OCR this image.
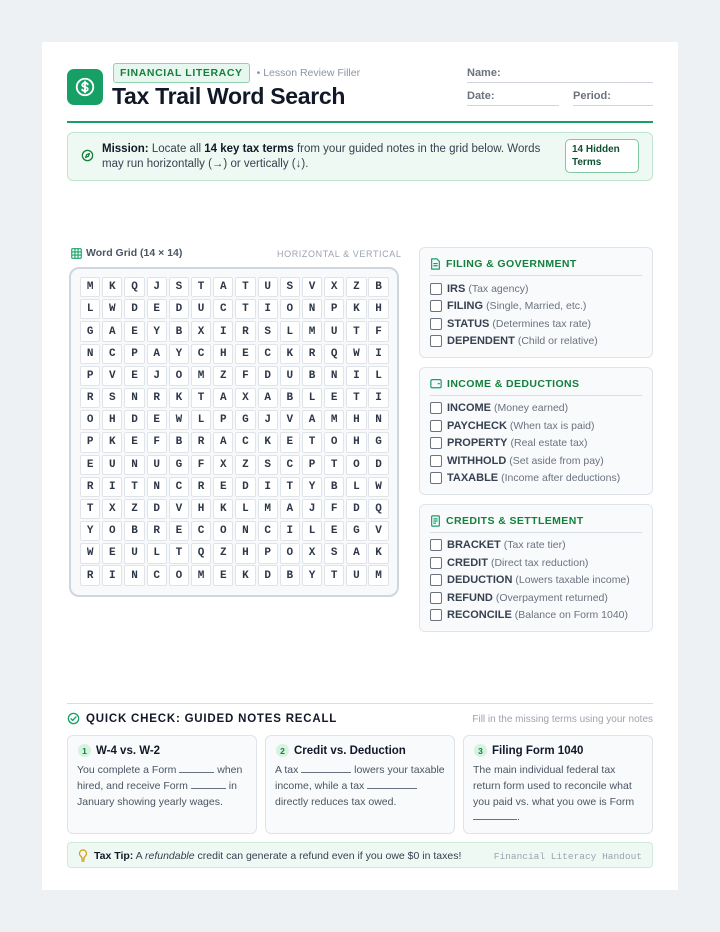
FINANCIAL LITERACY	• Lesson Review Filler
Tax Trail Word Search
Name:
Date:	Period:
Mission: Locate all 14 key tax terms from your guided notes in the grid below. Words may run horizontally (→) or vertically (↓).
14 Hidden
Terms
Word Grid (14 × 14)	HORIZONTAL & VERTICAL
M	K	Q	J	S	T	A	T	U	S	V	X	Z	B
L	W	D	E	D	U	C	T	I	O	N	P	K	H
G	A	E	Y	B	X	I	R	S	L	M	U	T	F
N	C	P	A	Y	C	H	E	C	K	R	Q	W	I
P	V	E	J	O	M	Z	F	D	U	B	N	I	L
R	S	N	R	K	T	A	X	A	B	L	E	T	I
O	H	D	E	W	L	P	G	J	V	A	M	H	N
P	K	E	F	B	R	A	C	K	E	T	O	H	G
E	U	N	U	G	F	X	Z	S	C	P	T	O	D
R	I	T	N	C	R	E	D	I	T	Y	B	L	W
T	X	Z	D	V	H	K	L	M	A	J	F	D	Q
Y	O	B	R	E	C	O	N	C	I	L	E	G	V
W	E	U	L	T	Q	Z	H	P	O	X	S	A	K
R	I	N	C	O	M	E	K	D	B	Y	T	U	M
FILING & GOVERNMENT
IRS (Tax agency)
FILING (Single, Married, etc.)
STATUS (Determines tax rate)
DEPENDENT (Child or relative)
INCOME & DEDUCTIONS
INCOME (Money earned)
PAYCHECK (When tax is paid)
PROPERTY (Real estate tax)
WITHHOLD (Set aside from pay)
TAXABLE (Income after deductions)
CREDITS & SETTLEMENT
BRACKET (Tax rate tier)
CREDIT (Direct tax reduction)
DEDUCTION (Lowers taxable income)
REFUND (Overpayment returned)
RECONCILE (Balance on Form 1040)
QUICK CHECK: GUIDED NOTES RECALL	Fill in the missing terms using your notes
1 W-4 vs. W-2
You complete a Form	when hired, and receive Form	in January showing yearly wages.
2 Credit vs. Deduction
A tax	lowers your taxable income, while a tax  directly reduces tax owed.
3 Filing Form 1040
The main individual federal tax return form used to reconcile what you paid vs. what you owe is Form .
Tax Tip: A refundable credit can generate a refund even if you owe $0 in taxes!	Financial Literacy Handout
